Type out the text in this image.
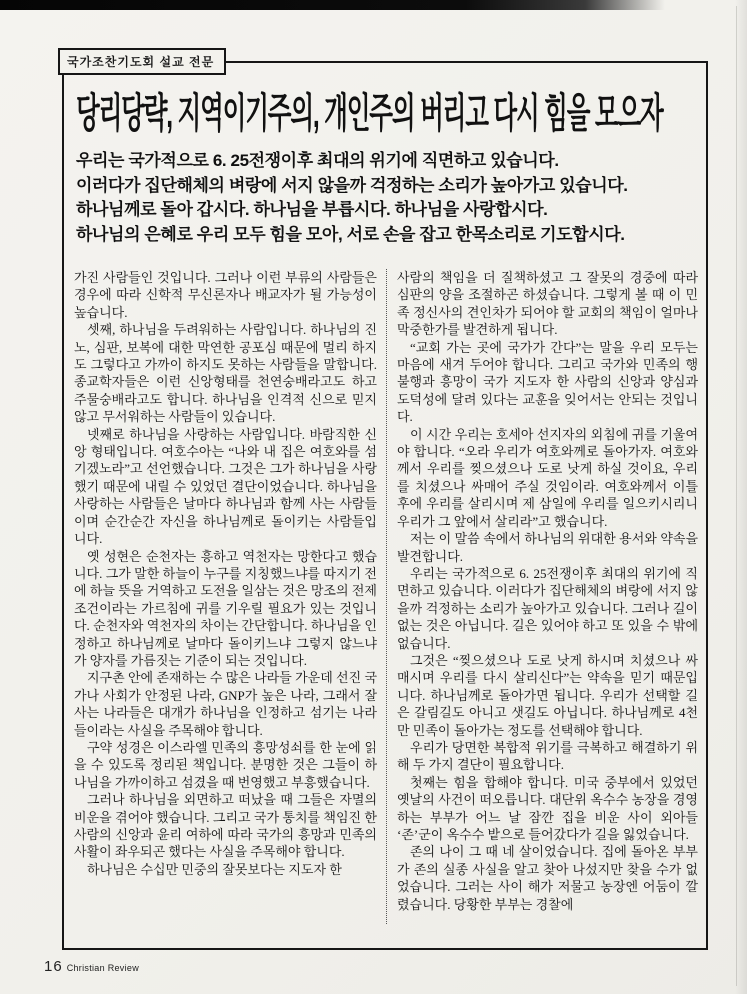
국가조찬기도회 설교 전문
당리당략, 지역이기주의, 개인주의 버리고 다시 힘을 모으자
우리는 국가적으로 6. 25전쟁이후 최대의 위기에 직면하고 있습니다.
이러다가 집단해체의 벼랑에 서지 않을까 걱정하는 소리가 높아가고 있습니다.
하나님께로 돌아 갑시다. 하나님을 부릅시다. 하나님을 사랑합시다.
하나님의 은혜로 우리 모두 힘을 모아, 서로 손을 잡고 한목소리로 기도합시다.

가진 사람들인 것입니다. 그러나 이런 부류의 사람들은 경우에 따라 신학적 무신론자나 배교자가 될 가능성이 높습니다.

셋째, 하나님을 두려워하는 사람입니다. 하나님의 진노, 심판, 보복에 대한 막연한 공포심 때문에 멀리 하지도 그렇다고 가까이 하지도 못하는 사람들을 말합니다. 종교학자들은 이런 신앙형태를 천연숭배라고도 하고 주물숭배라고도 합니다. 하나님을 인격적 신으로 믿지 않고 무서워하는 사람들이 있습니다.

넷째로 하나님을 사랑하는 사람입니다. 바람직한 신앙 형태입니다. 여호수아는 “나와 내 집은 여호와를 섬기겠노라”고 선언했습니다. 그것은 그가 하나님을 사랑했기 때문에 내릴 수 있었던 결단이었습니다. 하나님을 사랑하는 사람들은 날마다 하나님과 함께 사는 사람들이며 순간순간 자신을 하나님께로 돌이키는 사람들입니다.

옛 성현은 순천자는 흥하고 역천자는 망한다고 했습니다. 그가 말한 하늘이 누구를 지칭했느냐를 따지기 전에 하늘 뜻을 거역하고 도전을 일삼는 것은 망조의 전제 조건이라는 가르침에 귀를 기우릴 필요가 있는 것입니다. 순천자와 역천자의 차이는 간단합니다. 하나님을 인정하고 하나님께로 날마다 돌이키느냐 그렇지 않느냐가 양자를 가름짓는 기준이 되는 것입니다.

지구촌 안에 존재하는 수 많은 나라들 가운데 선진 국가나 사회가 안정된 나라, GNP가 높은 나라, 그래서 잘 사는 나라들은 대개가 하나님을 인정하고 섬기는 나라들이라는 사실을 주목해야 합니다.

구약 성경은 이스라엘 민족의 흥망성쇠를 한 눈에 읽을 수 있도록 정리된 책입니다. 분명한 것은 그들이 하나님을 가까이하고 섬겼을 때 번영했고 부흥했습니다.

그러나 하나님을 외면하고 떠났을 때 그들은 자멸의 비운을 겪어야 했습니다. 그리고 국가 통치를 책임진 한 사람의 신앙과 윤리 여하에 따라 국가의 흥망과 민족의 사활이 좌우되곤 했다는 사실을 주목해야 합니다.

하나님은 수십만 민중의 잘못보다는 지도자 한

사람의 책임을 더 질책하셨고 그 잘못의 경중에 따라 심판의 양을 조절하곤 하셨습니다. 그렇게 볼 때 이 민족 정신사의 견인차가 되어야 할 교회의 책임이 얼마나 막중한가를 발견하게 됩니다.

“교회 가는 곳에 국가가 간다”는 말을 우리 모두는 마음에 새겨 두어야 합니다. 그리고 국가와 민족의 행불행과 흥망이 국가 지도자 한 사람의 신앙과 양심과 도덕성에 달려 있다는 교훈을 잊어서는 안되는 것입니다.

이 시간 우리는 호세아 선지자의 외침에 귀를 기울여야 합니다. “오라 우리가 여호와께로 돌아가자. 여호와께서 우리를 찢으셨으나 도로 낫게 하실 것이요, 우리를 치셨으나 싸매어 주실 것임이라. 여호와께서 이틀 후에 우리를 살리시며 제 삼일에 우리를 일으키시리니 우리가 그 앞에서 살리라”고 했습니다.

저는 이 말씀 속에서 하나님의 위대한 용서와 약속을 발견합니다.

우리는 국가적으로 6. 25전쟁이후 최대의 위기에 직면하고 있습니다. 이러다가 집단해체의 벼랑에 서지 않을까 걱정하는 소리가 높아가고 있습니다. 그러나 길이 없는 것은 아닙니다. 길은 있어야 하고 또 있을 수 밖에 없습니다.

그것은 “찢으셨으나 도로 낫게 하시며 치셨으나 싸매시며 우리를 다시 살리신다”는 약속을 믿기 때문입니다. 하나님께로 돌아가면 됩니다. 우리가 선택할 길은 갈림길도 아니고 샛길도 아닙니다. 하나님께로 4천만 민족이 돌아가는 정도를 선택해야 합니다.

우리가 당면한 복합적 위기를 극복하고 해결하기 위해 두 가지 결단이 필요합니다.

첫째는 힘을 합해야 합니다. 미국 중부에서 있었던 옛날의 사건이 떠오릅니다. 대단위 옥수수 농장을 경영하는 부부가 어느 날 잠깐 집을 비운 사이 외아들 ‘존’군이 옥수수 밭으로 들어갔다가 길을 잃었습니다.

존의 나이 그 때 네 살이었습니다. 집에 돌아온 부부가 존의 실종 사실을 알고 찾아 나섰지만 찾을 수가 없었습니다. 그러는 사이 해가 저물고 농장엔 어둠이 깔렸습니다. 당황한 부부는 경찰에

16 Christian Review
